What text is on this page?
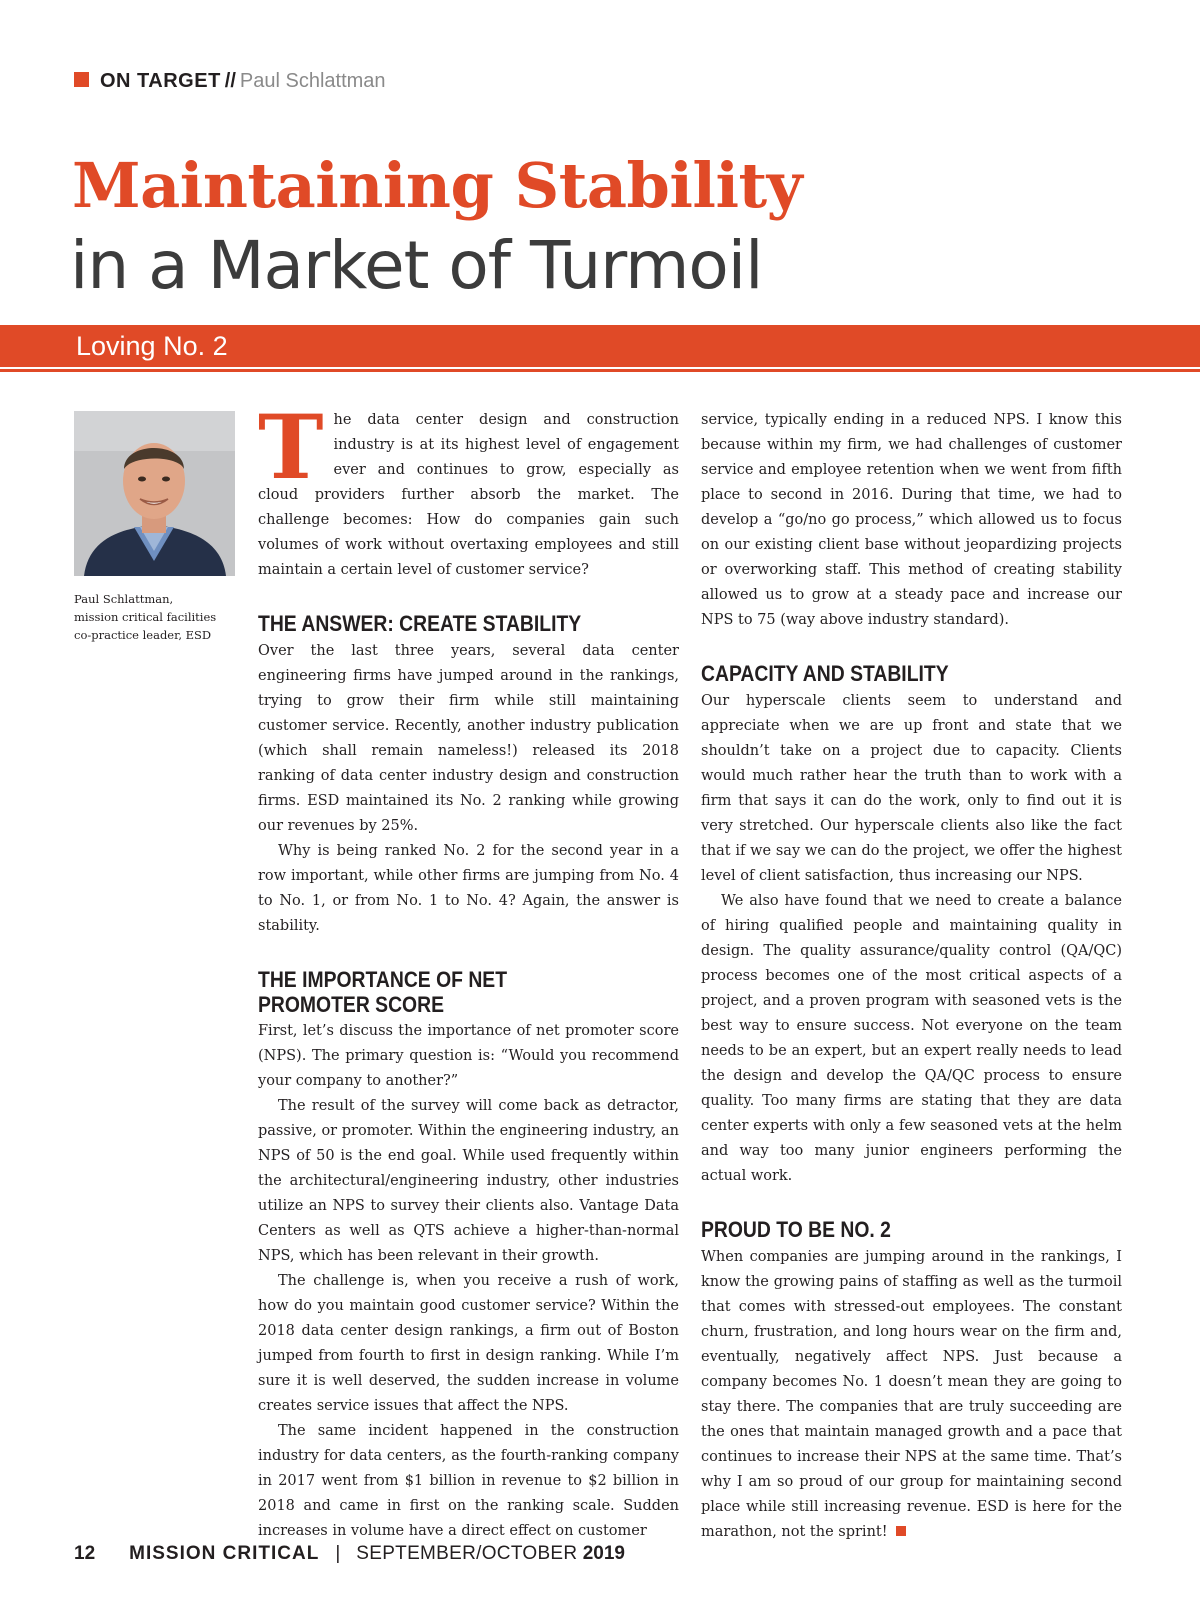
ON TARGET // Paul Schlattman
Maintaining Stability
in a Market of Turmoil
Loving No. 2
Paul Schlattman,
mission critical facilities
co-practice leader, ESD

The data center design and construction industry is at its highest level of engagement ever and continues to grow, especially as cloud providers further absorb the market. The challenge becomes: How do companies gain such volumes of work without overtaxing employees and still maintain a certain level of customer service?

THE ANSWER: CREATE STABILITY

Over the last three years, several data center engineering firms have jumped around in the rankings, trying to grow their firm while still maintaining customer service. Recently, another industry publication (which shall remain nameless!) released its 2018 ranking of data center industry design and construction firms. ESD maintained its No. 2 ranking while growing our revenues by 25%.

Why is being ranked No. 2 for the second year in a row important, while other firms are jumping from No. 4 to No. 1, or from No. 1 to No. 4? Again, the answer is stability.

THE IMPORTANCE OF NET
PROMOTER SCORE

First, let’s discuss the importance of net promoter score (NPS). The primary question is: “Would you recommend your company to another?”

The result of the survey will come back as detractor, passive, or promoter. Within the engineering industry, an NPS of 50 is the end goal. While used frequently within the architectural/engineering industry, other industries utilize an NPS to survey their clients also. Vantage Data Centers as well as QTS achieve a higher-than-normal NPS, which has been relevant in their growth.

The challenge is, when you receive a rush of work, how do you maintain good customer service? Within the 2018 data center design rankings, a firm out of Boston jumped from fourth to first in design ranking. While I’m sure it is well deserved, the sudden increase in volume creates service issues that affect the NPS.

The same incident happened in the construction industry for data centers, as the fourth-ranking company in 2017 went from $1 billion in revenue to $2 billion in 2018 and came in first on the ranking scale. Sudden increases in volume have a direct effect on customer

service, typically ending in a reduced NPS. I know this because within my firm, we had challenges of customer service and employee retention when we went from fifth place to second in 2016. During that time, we had to develop a “go/no go process,” which allowed us to focus on our existing client base without jeopardizing projects or overworking staff. This method of creating stability allowed us to grow at a steady pace and increase our NPS to 75 (way above industry standard).

CAPACITY AND STABILITY

Our hyperscale clients seem to understand and appreciate when we are up front and state that we shouldn’t take on a project due to capacity. Clients would much rather hear the truth than to work with a firm that says it can do the work, only to find out it is very stretched. Our hyperscale clients also like the fact that if we say we can do the project, we offer the highest level of client satisfaction, thus increasing our NPS.

We also have found that we need to create a balance of hiring qualified people and maintaining quality in design. The quality assurance/quality control (QA/QC) process becomes one of the most critical aspects of a project, and a proven program with seasoned vets is the best way to ensure success. Not everyone on the team needs to be an expert, but an expert really needs to lead the design and develop the QA/QC process to ensure quality. Too many firms are stating that they are data center experts with only a few seasoned vets at the helm and way too many junior engineers performing the actual work.

PROUD TO BE NO. 2

When companies are jumping around in the rankings, I know the growing pains of staffing as well as the turmoil that comes with stressed-out employees. The constant churn, frustration, and long hours wear on the firm and, eventually, negatively affect NPS. Just because a company becomes No. 1 doesn’t mean they are going to stay there. The companies that are truly succeeding are the ones that maintain managed growth and a pace that continues to increase their NPS at the same time. That’s why I am so proud of our group for maintaining second place while still increasing revenue. ESD is here for the marathon, not the sprint!

12 MISSION CRITICAL | SEPTEMBER/OCTOBER 2019
